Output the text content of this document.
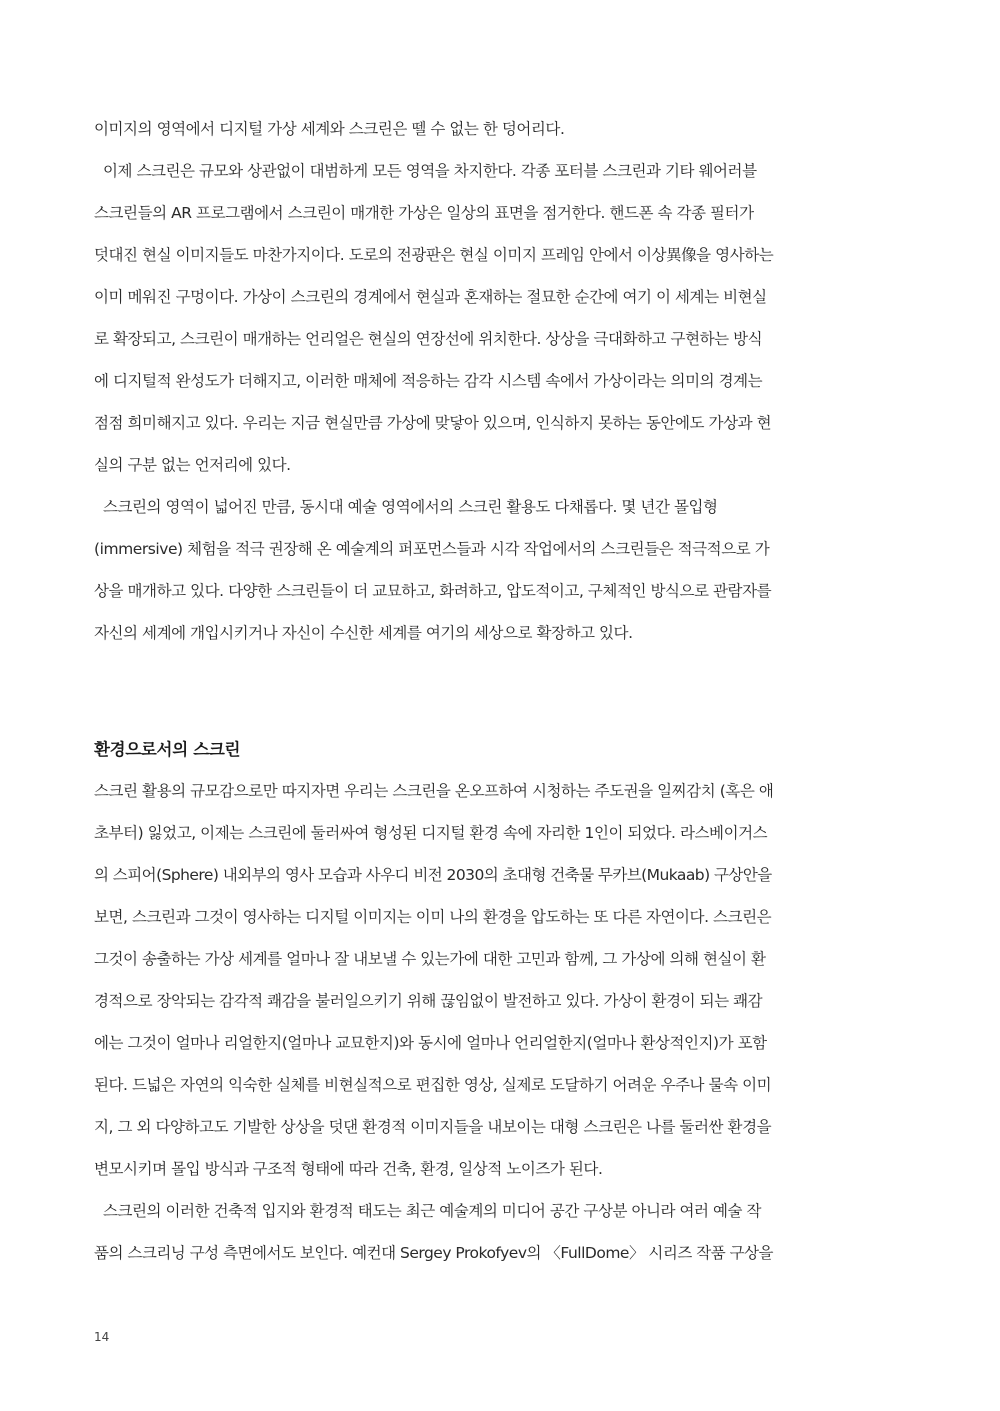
이미지의 영역에서 디지털 가상 세계와 스크린은 뗄 수 없는 한 덩어리다.

이제 스크린은 규모와 상관없이 대범하게 모든 영역을 차지한다. 각종 포터블 스크린과 기타 웨어러블

스크린들의 AR 프로그램에서 스크린이 매개한 가상은 일상의 표면을 점거한다. 핸드폰 속 각종 필터가

덧대진 현실 이미지들도 마찬가지이다. 도로의 전광판은 현실 이미지 프레임 안에서 이상異像을 영사하는

이미 메워진 구멍이다. 가상이 스크린의 경계에서 현실과 혼재하는 절묘한 순간에 여기 이 세계는 비현실

로 확장되고, 스크린이 매개하는 언리얼은 현실의 연장선에 위치한다. 상상을 극대화하고 구현하는 방식

에 디지털적 완성도가 더해지고, 이러한 매체에 적응하는 감각 시스템 속에서 가상이라는 의미의 경계는

점점 희미해지고 있다. 우리는 지금 현실만큼 가상에 맞닿아 있으며, 인식하지 못하는 동안에도 가상과 현

실의 구분 없는 언저리에 있다.

스크린의 영역이 넓어진 만큼, 동시대 예술 영역에서의 스크린 활용도 다채롭다. 몇 년간 몰입형

(immersive) 체험을 적극 권장해 온 예술계의 퍼포먼스들과 시각 작업에서의 스크린들은 적극적으로 가

상을 매개하고 있다. 다양한 스크린들이 더 교묘하고, 화려하고, 압도적이고, 구체적인 방식으로 관람자를

자신의 세계에 개입시키거나 자신이 수신한 세계를 여기의 세상으로 확장하고 있다.

환경으로서의 스크린

스크린 활용의 규모감으로만 따지자면 우리는 스크린을 온오프하여 시청하는 주도권을 일찌감치 (혹은 애

초부터) 잃었고, 이제는 스크린에 둘러싸여 형성된 디지털 환경 속에 자리한 1인이 되었다. 라스베이거스

의 스피어(Sphere) 내외부의 영사 모습과 사우디 비전 2030의 초대형 건축물 무카브(Mukaab) 구상안을

보면, 스크린과 그것이 영사하는 디지털 이미지는 이미 나의 환경을 압도하는 또 다른 자연이다. 스크린은

그것이 송출하는 가상 세계를 얼마나 잘 내보낼 수 있는가에 대한 고민과 함께, 그 가상에 의해 현실이 환

경적으로 장악되는 감각적 쾌감을 불러일으키기 위해 끊임없이 발전하고 있다. 가상이 환경이 되는 쾌감

에는 그것이 얼마나 리얼한지(얼마나 교묘한지)와 동시에 얼마나 언리얼한지(얼마나 환상적인지)가 포함

된다. 드넓은 자연의 익숙한 실체를 비현실적으로 편집한 영상, 실제로 도달하기 어려운 우주나 물속 이미

지, 그 외 다양하고도 기발한 상상을 덧댄 환경적 이미지들을 내보이는 대형 스크린은 나를 둘러싼 환경을

변모시키며 몰입 방식과 구조적 형태에 따라 건축, 환경, 일상적 노이즈가 된다.

스크린의 이러한 건축적 입지와 환경적 태도는 최근 예술계의 미디어 공간 구상분 아니라 여러 예술 작

품의 스크리닝 구성 측면에서도 보인다. 예컨대 Sergey Prokofyev의 〈FullDome〉 시리즈 작품 구상을

14
